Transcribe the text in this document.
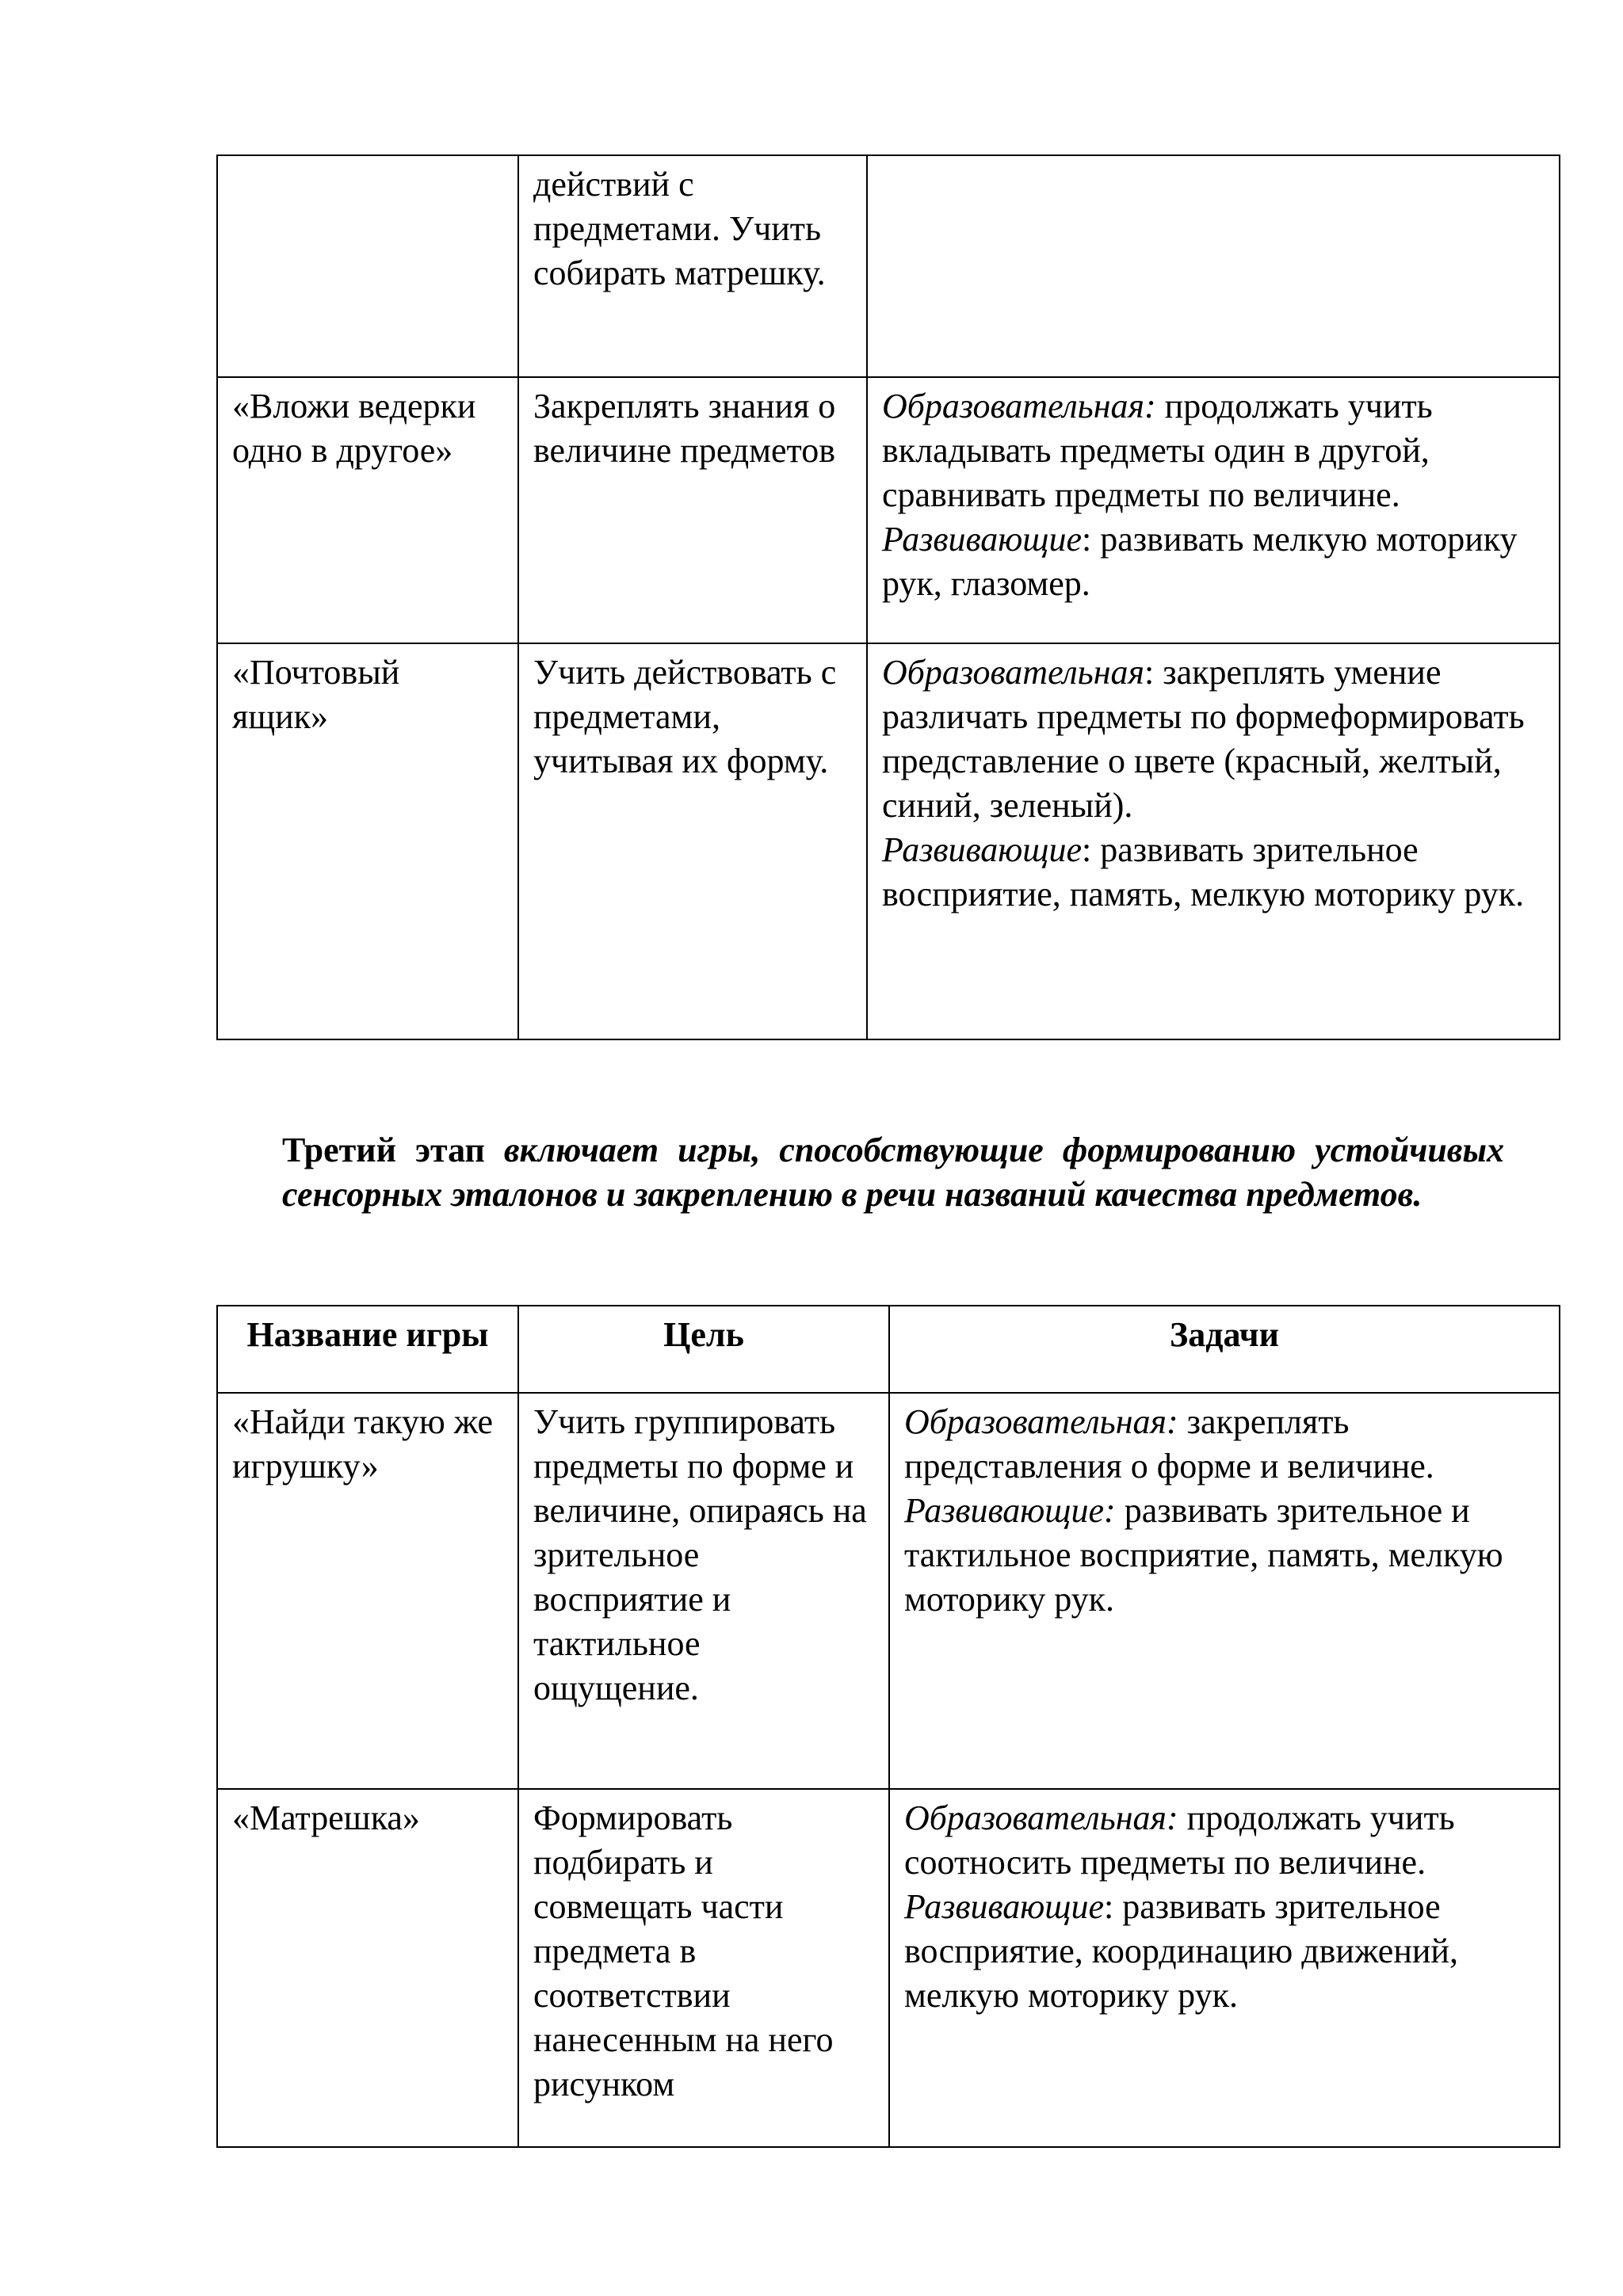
	действий с предметами. Учить собирать матрешку.	
«Вложи ведерки одно в другое»	Закреплять знания о величине предметов	Образовательная: продолжать учить вкладывать предметы один в другой, сравнивать предметы по величине.
Развивающие: развивать мелкую моторику рук, глазомер.

«Почтовый ящик»	Учить действовать с предметами, учитывая их форму.	Образовательная: закреплять умение различать предметы по формеформировать представление о цвете (красный, желтый, синий, зеленый).
Развивающие: развивать зрительное восприятие, память, мелкую моторику рук.
Третий этап включает игры, способствующие формированию устойчивых сенсорных эталонов и закреплению в речи названий качества предметов.
Название игры	Цель	Задачи
«Найди такую же игрушку»	Учить группировать предметы по форме и величине, опираясь на зрительное восприятие и тактильное ощущение.	Образовательная: закреплять представления о форме и величине.
Развивающие: развивать зрительное и тактильное восприятие, память, мелкую моторику рук.

«Матрешка»	Формировать подбирать и совмещать части предмета в соответствии нанесенным на него рисунком	Образовательная: продолжать учить соотносить предметы по величине.
Развивающие: развивать зрительное восприятие, координацию движений, мелкую моторику рук.
